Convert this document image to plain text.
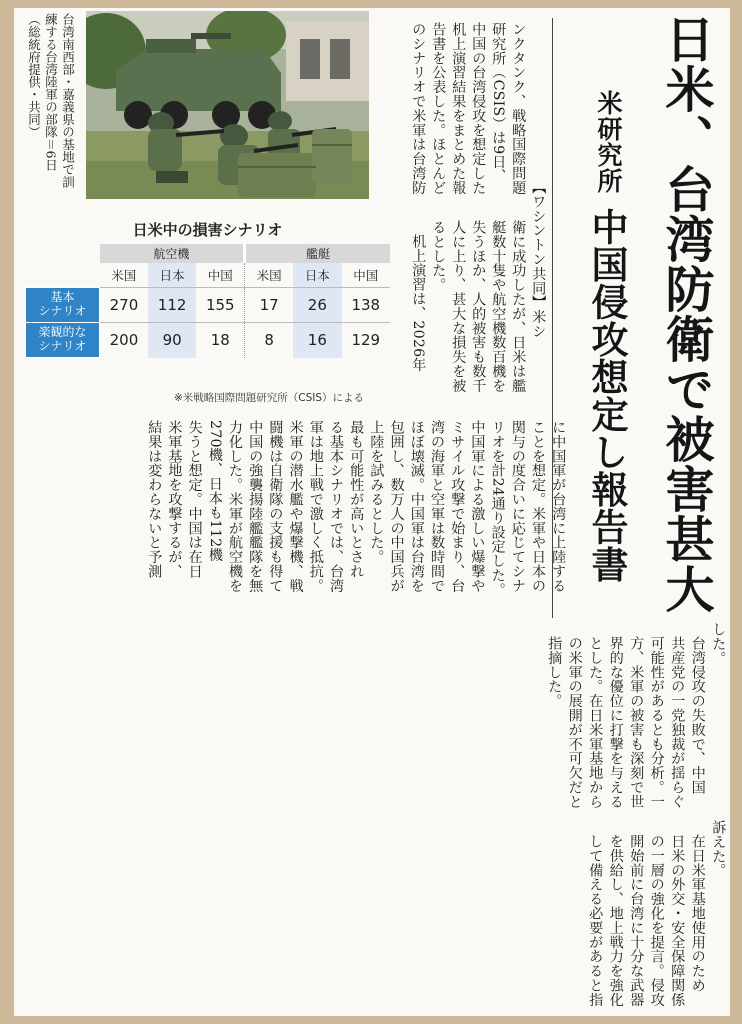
日米、台湾防衛で被害甚大
米研究所
中国侵攻想定し報告書
台湾南西部・嘉義県の基地で訓
練する台湾陸軍の部隊＝6日
（総統府提供・共同）
【ワシントン共同】米シ
ンクタンク、戦略国際問題
研究所（CSIS）は9日、
中国の台湾侵攻を想定した
机上演習結果をまとめた報
告書を公表した。ほとんど
のシナリオで米軍は台湾防
衛に成功したが、日米は艦
艇数十隻や航空機数百機を
失うほか、人的被害も数千
人に上り、甚大な損失を被
るとした。
机上演習は、2026年
日米中の損害シナリオ
	航空機			艦艇		
	米国	日本	中国	米国	日本	中国
基本
シナリオ	270	112	155	17	26	138
楽観的な
シナリオ	200	90	18	8	16	129
※米戦略国際問題研究所（CSIS）による
に中国軍が台湾に上陸する
ことを想定。米軍や日本の
関与の度合いに応じてシナ
リオを計24通り設定した。
中国軍による激しい爆撃や
ミサイル攻撃で始まり、台
湾の海軍と空軍は数時間で
ほぼ壊滅。中国軍は台湾を
包囲し、数万人の中国兵が
上陸を試みるとした。
最も可能性が高いとされ
る基本シナリオでは、台湾
軍は地上戦で激しく抵抗。
米軍の潜水艦や爆撃機、戦
闘機は自衛隊の支援も得て
中国の強襲揚陸艦艦隊を無
力化した。米軍が航空機を
270機、日本も112機
失うと想定。中国は在日
米軍基地を攻撃するが、
結果は変わらないと予測
した。
台湾侵攻の失敗で、中国
共産党の一党独裁が揺らぐ
可能性があるとも分析。一
方、米軍の被害も深刻で世
界的な優位に打撃を与える
とした。在日米軍基地から
の米軍の展開が不可欠だと
指摘した。
訴えた。
在日米軍基地使用のため
日米の外交・安全保障関係
の一層の強化を提言。侵攻
開始前に台湾に十分な武器
を供給し、地上戦力を強化
して備える必要があると指
